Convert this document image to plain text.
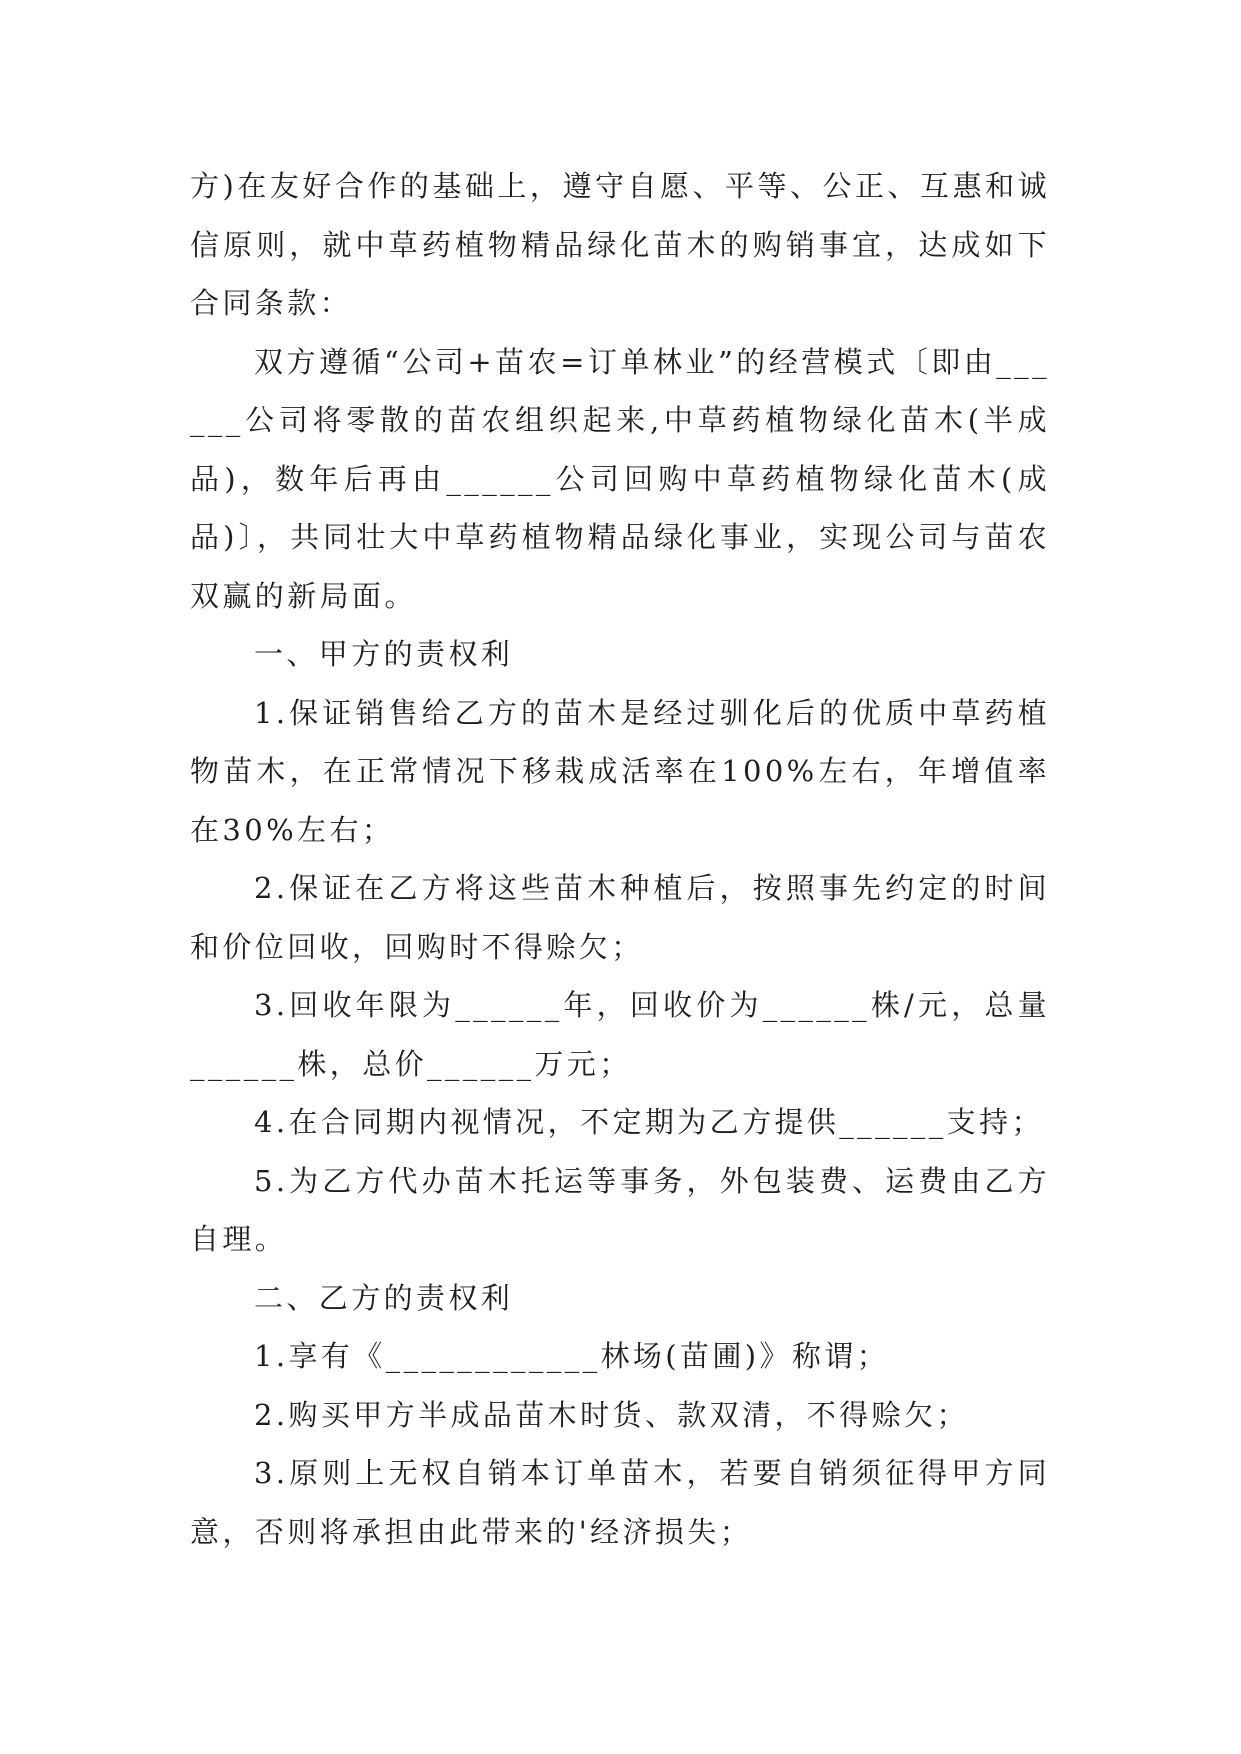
方)在友好合作的基础上，遵守自愿、平等、公正、互惠和诚信原则，就中草药植物精品绿化苗木的购销事宜，达成如下合同条款：

双方遵循“公司+苗农=订单林业”的经营模式〔即由______公司将零散的苗农组织起来,中草药植物绿化苗木(半成品)，数年后再由______公司回购中草药植物绿化苗木(成品)〕，共同壮大中草药植物精品绿化事业，实现公司与苗农双赢的新局面。

一、甲方的责权利

1.保证销售给乙方的苗木是经过驯化后的优质中草药植物苗木，在正常情况下移栽成活率在100%左右，年增值率在30%左右；

2.保证在乙方将这些苗木种植后，按照事先约定的时间和价位回收，回购时不得赊欠；

3.回收年限为______年，回收价为______株/元，总量______株，总价______万元；

4.在合同期内视情况，不定期为乙方提供______支持；

5.为乙方代办苗木托运等事务，外包装费、运费由乙方自理。

二、乙方的责权利

1.享有《____________林场(苗圃)》称谓；

2.购买甲方半成品苗木时货、款双清，不得赊欠；

3.原则上无权自销本订单苗木，若要自销须征得甲方同意，否则将承担由此带来的'经济损失；
